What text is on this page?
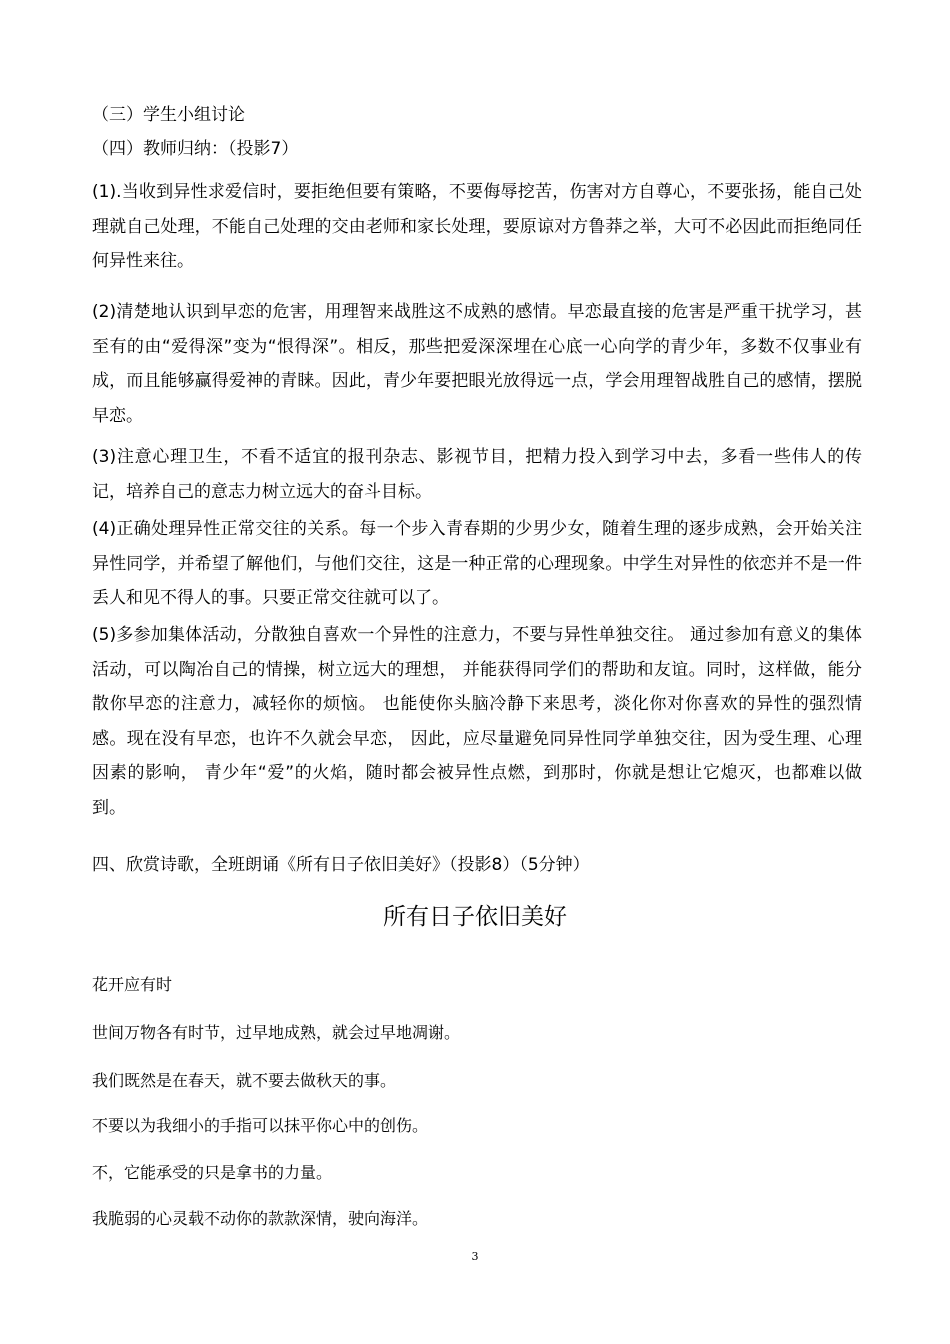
（三）学生小组讨论
（四）教师归纳：（投影7）
(1).当收到异性求爱信时，要拒绝但要有策略，不要侮辱挖苦，伤害对方自尊心，不要张扬，能自己处理就自己处理，不能自己处理的交由老师和家长处理，要原谅对方鲁莽之举，大可不必因此而拒绝同任何异性来往。
(2)清楚地认识到早恋的危害，用理智来战胜这不成熟的感情。早恋最直接的危害是严重干扰学习，甚至有的由“爱得深”变为“恨得深”。相反，那些把爱深深埋在心底一心向学的青少年，多数不仅事业有成，而且能够赢得爱神的青睐。因此，青少年要把眼光放得远一点，学会用理智战胜自己的感情，摆脱早恋。
(3)注意心理卫生，不看不适宜的报刊杂志、影视节目，把精力投入到学习中去，多看一些伟人的传记，培养自己的意志力树立远大的奋斗目标。
(4)正确处理异性正常交往的关系。每一个步入青春期的少男少女，随着生理的逐步成熟，会开始关注异性同学，并希望了解他们，与他们交往，这是一种正常的心理现象。中学生对异性的依恋并不是一件丢人和见不得人的事。只要正常交往就可以了。
(5)多参加集体活动，分散独自喜欢一个异性的注意力，不要与异性单独交往。 通过参加有意义的集体活动，可以陶冶自己的情操，树立远大的理想， 并能获得同学们的帮助和友谊。同时，这样做，能分散你早恋的注意力，减轻你的烦恼。 也能使你头脑冷静下来思考，淡化你对你喜欢的异性的强烈情感。现在没有早恋，也许不久就会早恋， 因此，应尽量避免同异性同学单独交往，因为受生理、心理因素的影响， 青少年“爱”的火焰，随时都会被异性点燃，到那时，你就是想让它熄灭，也都难以做到。
四、欣赏诗歌，全班朗诵《所有日子依旧美好》（投影8）（5分钟）
所有日子依旧美好
花开应有时
世间万物各有时节，过早地成熟，就会过早地凋谢。
我们既然是在春天，就不要去做秋天的事。
不要以为我细小的手指可以抹平你心中的创伤。
不，它能承受的只是拿书的力量。
我脆弱的心灵载不动你的款款深情，驶向海洋。
3
